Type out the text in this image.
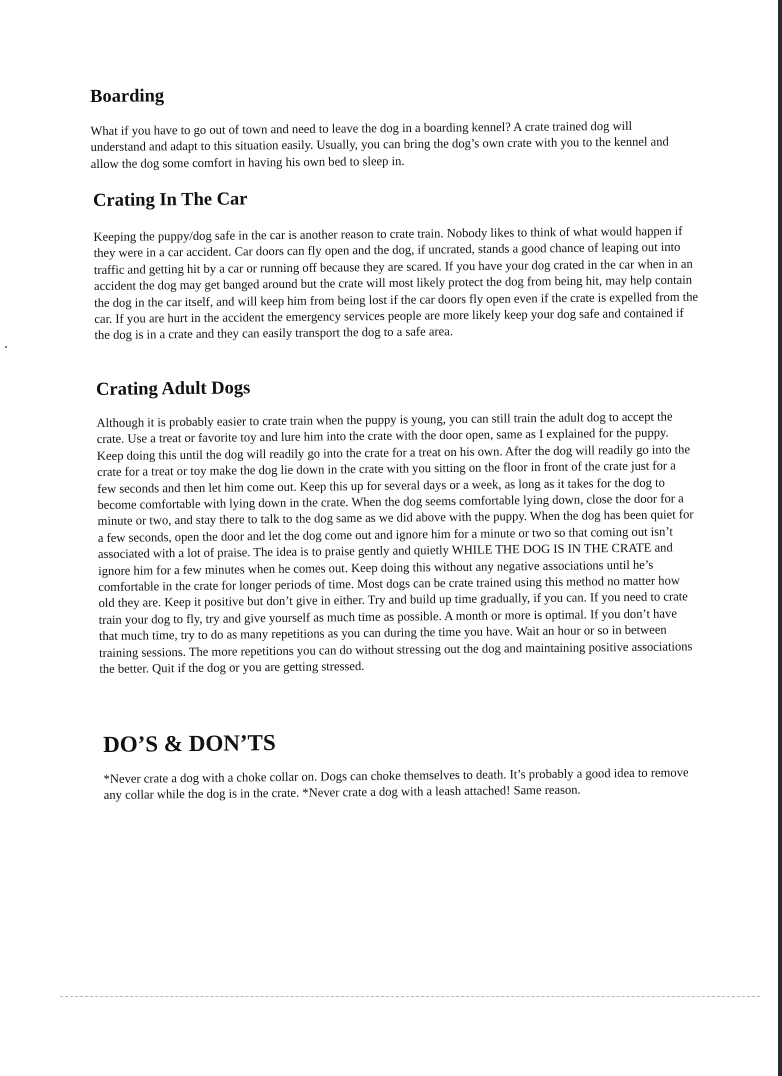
Boarding

What if you have to go out of town and need to leave the dog in a boarding kennel? A crate trained dog will understand and adapt to this situation easily. Usually, you can bring the dog’s own crate with you to the kennel and allow the dog some comfort in having his own bed to sleep in.

Crating In The Car

Keeping the puppy/dog safe in the car is another reason to crate train. Nobody likes to think of what would happen if they were in a car accident. Car doors can fly open and the dog, if uncrated, stands a good chance of leaping out into traffic and getting hit by a car or running off because they are scared. If you have your dog crated in the car when in an accident the dog may get banged around but the crate will most likely protect the dog from being hit, may help contain the dog in the car itself, and will keep him from being lost if the car doors fly open even if the crate is expelled from the car. If you are hurt in the accident the emergency services people are more likely keep your dog safe and contained if the dog is in a crate and they can easily transport the dog to a safe area.

Crating Adult Dogs

Although it is probably easier to crate train when the puppy is young, you can still train the adult dog to accept the crate. Use a treat or favorite toy and lure him into the crate with the door open, same as I explained for the puppy. Keep doing this until the dog will readily go into the crate for a treat on his own. After the dog will readily go into the crate for a treat or toy make the dog lie down in the crate with you sitting on the floor in front of the crate just for a few seconds and then let him come out. Keep this up for several days or a week, as long as it takes for the dog to become comfortable with lying down in the crate. When the dog seems comfortable lying down, close the door for a minute or two, and stay there to talk to the dog same as we did above with the puppy. When the dog has been quiet for a few seconds, open the door and let the dog come out and ignore him for a minute or two so that coming out isn’t associated with a lot of praise. The idea is to praise gently and quietly WHILE THE DOG IS IN THE CRATE and ignore him for a few minutes when he comes out. Keep doing this without any negative associations until he’s comfortable in the crate for longer periods of time. Most dogs can be crate trained using this method no matter how old they are. Keep it positive but don’t give in either. Try and build up time gradually, if you can. If you need to crate train your dog to fly, try and give yourself as much time as possible. A month or more is optimal. If you don’t have that much time, try to do as many repetitions as you can during the time you have. Wait an hour or so in between training sessions. The more repetitions you can do without stressing out the dog and maintaining positive associations the better. Quit if the dog or you are getting stressed.

DO’S & DON’TS

*Never crate a dog with a choke collar on. Dogs can choke themselves to death. It’s probably a good idea to remove any collar while the dog is in the crate. *Never crate a dog with a leash attached! Same reason.
